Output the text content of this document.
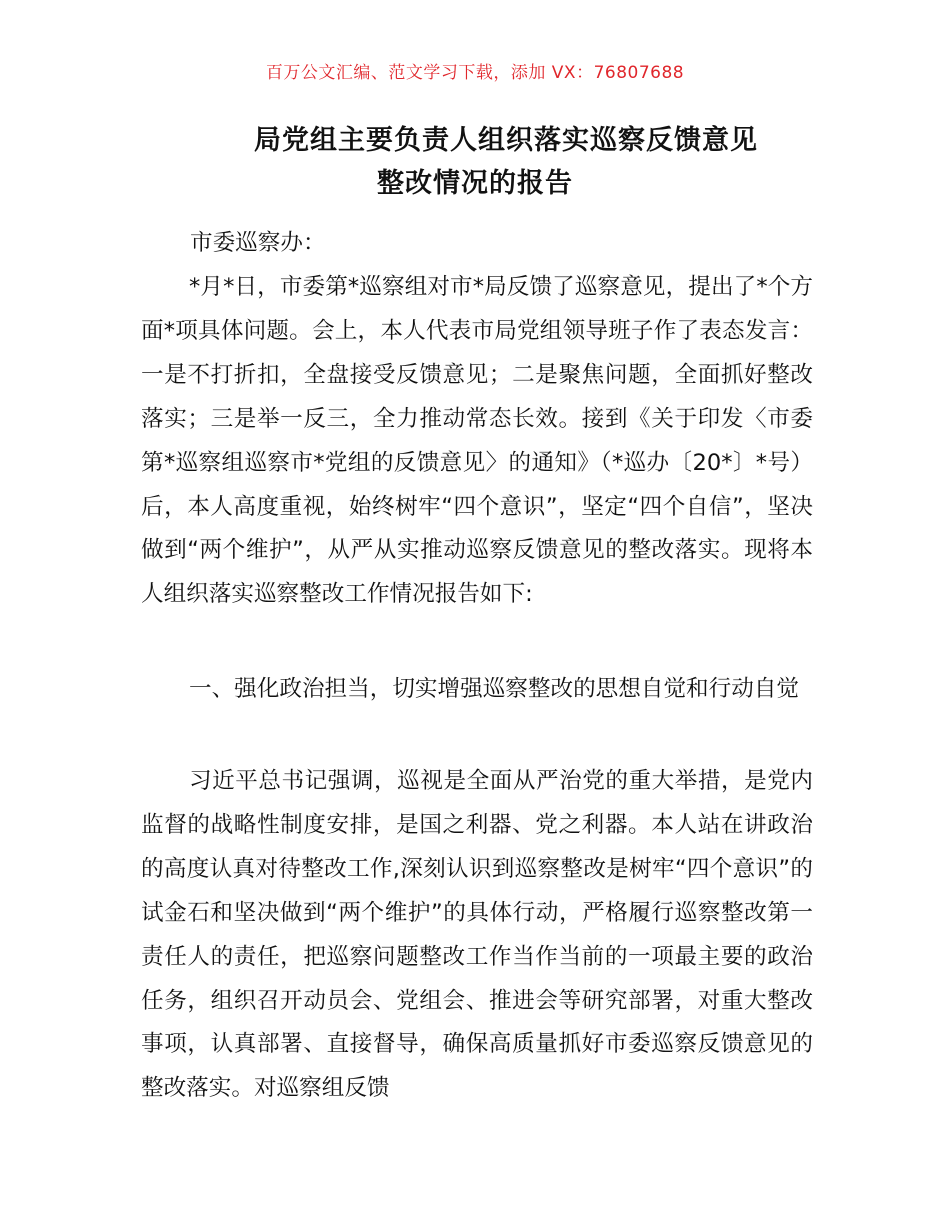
百万公文汇编、范文学习下载，添加 VX：76807688
局党组主要负责人组织落实巡察反馈意见
整改情况的报告
市委巡察办：
*月*日，市委第*巡察组对市*局反馈了巡察意见，提出了*个方面*项具体问题。会上，本人代表市局党组领导班子作了表态发言：一是不打折扣，全盘接受反馈意见；二是聚焦问题，全面抓好整改落实；三是举一反三，全力推动常态长效。接到《关于印发〈市委第*巡察组巡察市*党组的反馈意见〉的通知》（*巡办〔20*〕*号）后，本人高度重视，始终树牢“四个意识”，坚定“四个自信”，坚决做到“两个维护”，从严从实推动巡察反馈意见的整改落实。现将本人组织落实巡察整改工作情况报告如下:
一、强化政治担当，切实增强巡察整改的思想自觉和行动自觉
习近平总书记强调，巡视是全面从严治党的重大举措，是党内监督的战略性制度安排，是国之利器、党之利器。本人站在讲政治的高度认真对待整改工作,深刻认识到巡察整改是树牢“四个意识”的试金石和坚决做到“两个维护”的具体行动，严格履行巡察整改第一责任人的责任，把巡察问题整改工作当作当前的一项最主要的政治任务，组织召开动员会、党组会、推进会等研究部署，对重大整改事项，认真部署、直接督导，确保高质量抓好市委巡察反馈意见的整改落实。对巡察组反馈
